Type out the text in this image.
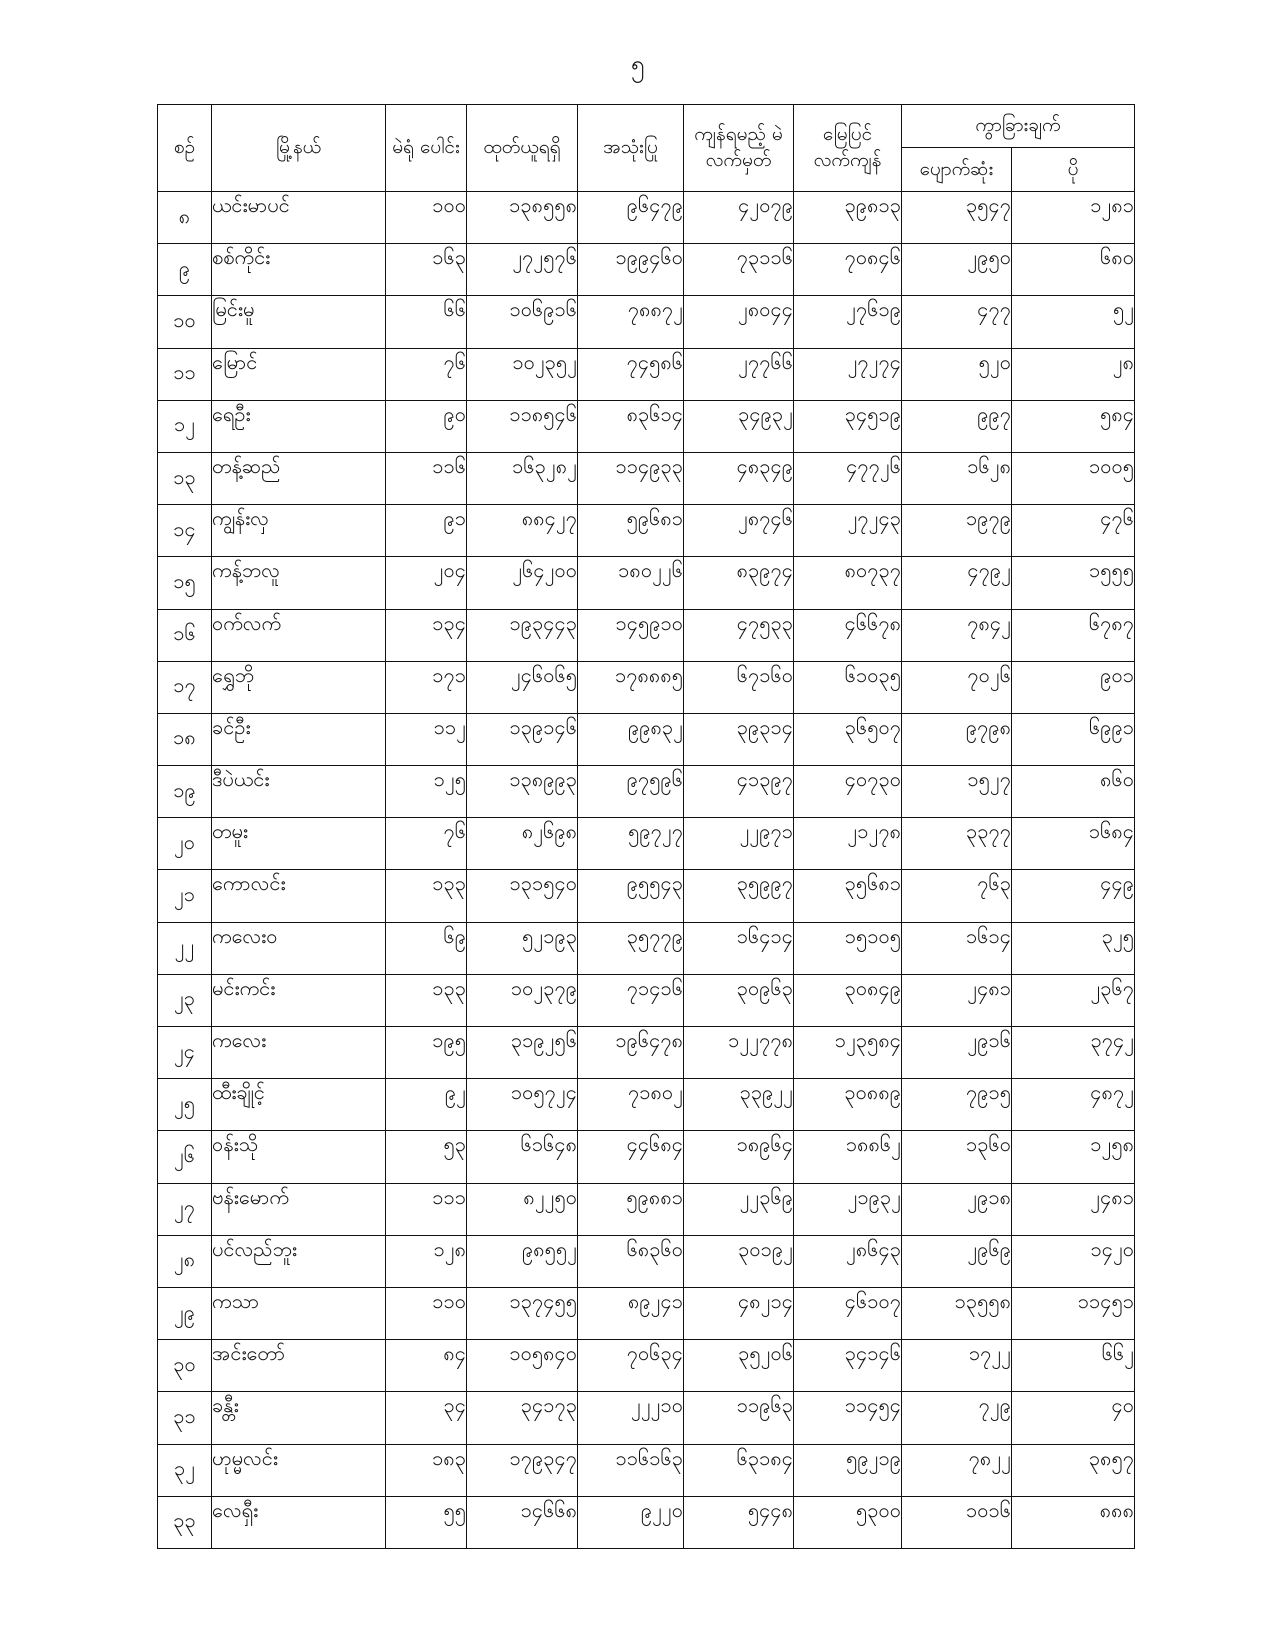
၅
စဉ်	မြို့နယ်	မဲရုံ ပေါင်း	ထုတ်ယူရရှိ	အသုံးပြု	ကျန်ရမည့် မဲလက်မှတ်	မြေပြင် လက်ကျန်	ကွာခြားချက်	
							ပျောက်ဆုံး	ပို
၈	ယင်းမာပင်	၁၀၀	၁၃၈၅၅၈	၉၆၄၇၉	၄၂၀၇၉	၃၉၈၁၃	၃၅၄၇	၁၂၈၁
၉	စစ်ကိုင်း	၁၆၃	၂၇၂၅၇၆	၁၉၉၄၆၀	၇၃၁၁၆	၇၀၈၄၆	၂၉၅၀	၆၈၀
၁၀	မြင်းမူ	၆၆	၁၀၆၉၁၆	၇၈၈၇၂	၂၈၀၄၄	၂၇၆၁၉	၄၇၇	၅၂
၁၁	မြောင်	၇၆	၁၀၂၃၅၂	၇၄၅၈၆	၂၇၇၆၆	၂၇၂၇၄	၅၂၀	၂၈
၁၂	ရေဦး	၉၀	၁၁၈၅၄၆	၈၃၆၁၄	၃၄၉၃၂	၃၄၅၁၉	၉၉၇	၅၈၄
၁၃	တန့်ဆည်	၁၁၆	၁၆၃၂၈၂	၁၁၄၉၃၃	၄၈၃၄၉	၄၇၇၂၆	၁၆၂၈	၁၀၀၅
၁၄	ကျွန်းလှ	၉၁	၈၈၄၂၇	၅၉၆၈၁	၂၈၇၄၆	၂၇၂၄၃	၁၉၇၉	၄၇၆
၁၅	ကန့်ဘလူ	၂၀၄	၂၆၄၂၀၀	၁၈၀၂၂၆	၈၃၉၇၄	၈၀၇၃၇	၄၇၉၂	၁၅၅၅
၁၆	ဝက်လက်	၁၃၄	၁၉၃၄၄၃	၁၄၅၉၁၀	၄၇၅၃၃	၄၆၆၇၈	၇၈၄၂	၆၇၈၇
၁၇	ရွှေဘို	၁၇၁	၂၄၆၀၆၅	၁၇၈၈၈၅	၆၇၁၆၀	၆၁၀၃၅	၇၀၂၆	၉၀၁
၁၈	ခင်ဦး	၁၁၂	၁၃၉၁၄၆	၉၉၈၃၂	၃၉၃၁၄	၃၆၅၀၇	၉၇၉၈	၆၉၉၁
၁၉	ဒီပဲယင်း	၁၂၅	၁၃၈၉၉၃	၉၇၅၉၆	၄၁၃၉၇	၄၀၇၃၀	၁၅၂၇	၈၆၀
၂၀	တမူး	၇၆	၈၂၆၉၈	၅၉၇၂၇	၂၂၉၇၁	၂၁၂၇၈	၃၃၇၇	၁၆၈၄
၂၁	ကောလင်း	၁၃၃	၁၃၁၅၄၀	၉၅၅၄၃	၃၅၉၉၇	၃၅၆၈၁	၇၆၃	၄၄၉
၂၂	ကလေးဝ	၆၉	၅၂၁၉၃	၃၅၇၇၉	၁၆၄၁၄	၁၅၁၀၅	၁၆၁၄	၃၂၅
၂၃	မင်းကင်း	၁၃၃	၁၀၂၃၇၉	၇၁၄၁၆	၃၀၉၆၃	၃၀၈၄၉	၂၄၈၁	၂၃၆၇
၂၄	ကလေး	၁၉၅	၃၁၉၂၅၆	၁၉၆၄၇၈	၁၂၂၇၇၈	၁၂၃၅၈၄	၂၉၁၆	၃၇၄၂
၂၅	ထီးချိုင့်	၉၂	၁၀၅၇၂၄	၇၁၈၀၂	၃၃၉၂၂	၃၀၈၈၉	၇၉၁၅	၄၈၇၂
၂၆	ဝန်းသို	၅၃	၆၁၆၄၈	၄၄၆၈၄	၁၈၉၆၄	၁၈၈၆၂	၁၃၆၀	၁၂၅၈
၂၇	ဗန်းမောက်	၁၁၁	၈၂၂၅၀	၅၉၈၈၁	၂၂၃၆၉	၂၁၉၃၂	၂၉၁၈	၂၄၈၁
၂၈	ပင်လည်ဘူး	၁၂၈	၉၈၅၅၂	၆၈၃၆၀	၃၀၁၉၂	၂၈၆၄၃	၂၉၆၉	၁၄၂၀
၂၉	ကသာ	၁၁၀	၁၃၇၄၅၅	၈၉၂၄၁	၄၈၂၁၄	၄၆၁၀၇	၁၃၅၅၈	၁၁၄၅၁
၃၀	အင်းတော်	၈၄	၁၀၅၈၄၀	၇၀၆၃၄	၃၅၂၀၆	၃၄၁၄၆	၁၇၂၂	၆၆၂
၃၁	ခန္တီး	၃၄	၃၄၁၇၃	၂၂၂၁၀	၁၁၉၆၃	၁၁၄၅၄	၇၂၉	၄၀
၃၂	ဟုမ္မလင်း	၁၈၃	၁၇၉၃၄၇	၁၁၆၁၆၃	၆၃၁၈၄	၅၉၂၁၉	၇၈၂၂	၃၈၅၇
၃၃	လေရှီး	၅၅	၁၄၆၆၈	၉၂၂၀	၅၄၄၈	၅၃၀၀	၁၀၁၆	၈၈၈
